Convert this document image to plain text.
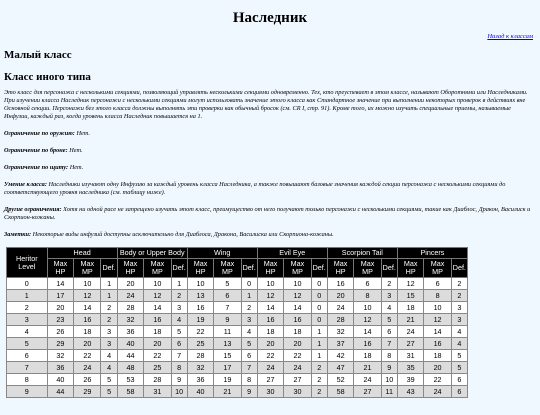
Наследник
Назад к классам
Малый класс
Класс иного типа

Это класс для персонажа с несколькими секциями, позволяющий управлять несколькими секциями одновременно. Тех, кто преуспевает в этом классе, называют Оборотнями или Наследниками. При изучении класса Наследник персонажи с несколькими секциями могут использовать значение этого класса как Стандартное значение при выполнении некоторых проверок в действиях вне Основной секции. Персонажи без этого класса должны выполнять эти проверки как обычный бросок (см. CR I, стр. 91). Кроме того, их можно изучить специальные приемы, называемые Инфузии, каждый раз, когда уровень класса Наследник повышается на 1.

Ограничение по оружию: Нет.

Ограничение по броне: Нет.

Ограничение по щиту: Нет.

Умение класса: Наследники изучают одну Инфузию за каждый уровень класса Наследника, а также повышают базовые значения каждой секции персонажа с несколькими секциями до соответствующего уровня наследника (см. таблицу ниже).

Другие ограничения: Хотя ни одной расе не запрещено изучать этот класс, преимущество от него получают только персонажи с несколькими секциями, такие как Диаблос, Дракон, Василиск и Скорпион-кожаны.

Заметки: Некоторые виды инфузий доступны исключительно для Диаблоса, Дракона, Василиска или Скорпиона-кожаны.

Heritor Level	Head			Body or Upper Body			Wing			Evil Eye			Scorpion Tail			Pincers		
	Max HP	Max MP	Def.	Max HP	Max MP	Def.	Max HP	Max MP	Def.	Max HP	Max MP	Def.	Max HP	Max MP	Def.	Max HP	Max MP	Def.
0	14	10	1	20	10	1	10	5	0	10	10	0	16	6	2	12	6	2
1	17	12	1	24	12	2	13	6	1	12	12	0	20	8	3	15	8	2
2	20	14	2	28	14	3	16	7	2	14	14	0	24	10	4	18	10	3
3	23	16	2	32	16	4	19	9	3	16	16	0	28	12	5	21	12	3
4	26	18	3	36	18	5	22	11	4	18	18	1	32	14	6	24	14	4
5	29	20	3	40	20	6	25	13	5	20	20	1	37	16	7	27	16	4
6	32	22	4	44	22	7	28	15	6	22	22	1	42	18	8	31	18	5
7	36	24	4	48	25	8	32	17	7	24	24	2	47	21	9	35	20	5
8	40	26	5	53	28	9	36	19	8	27	27	2	52	24	10	39	22	6
9	44	29	5	58	31	10	40	21	9	30	30	2	58	27	11	43	24	6
